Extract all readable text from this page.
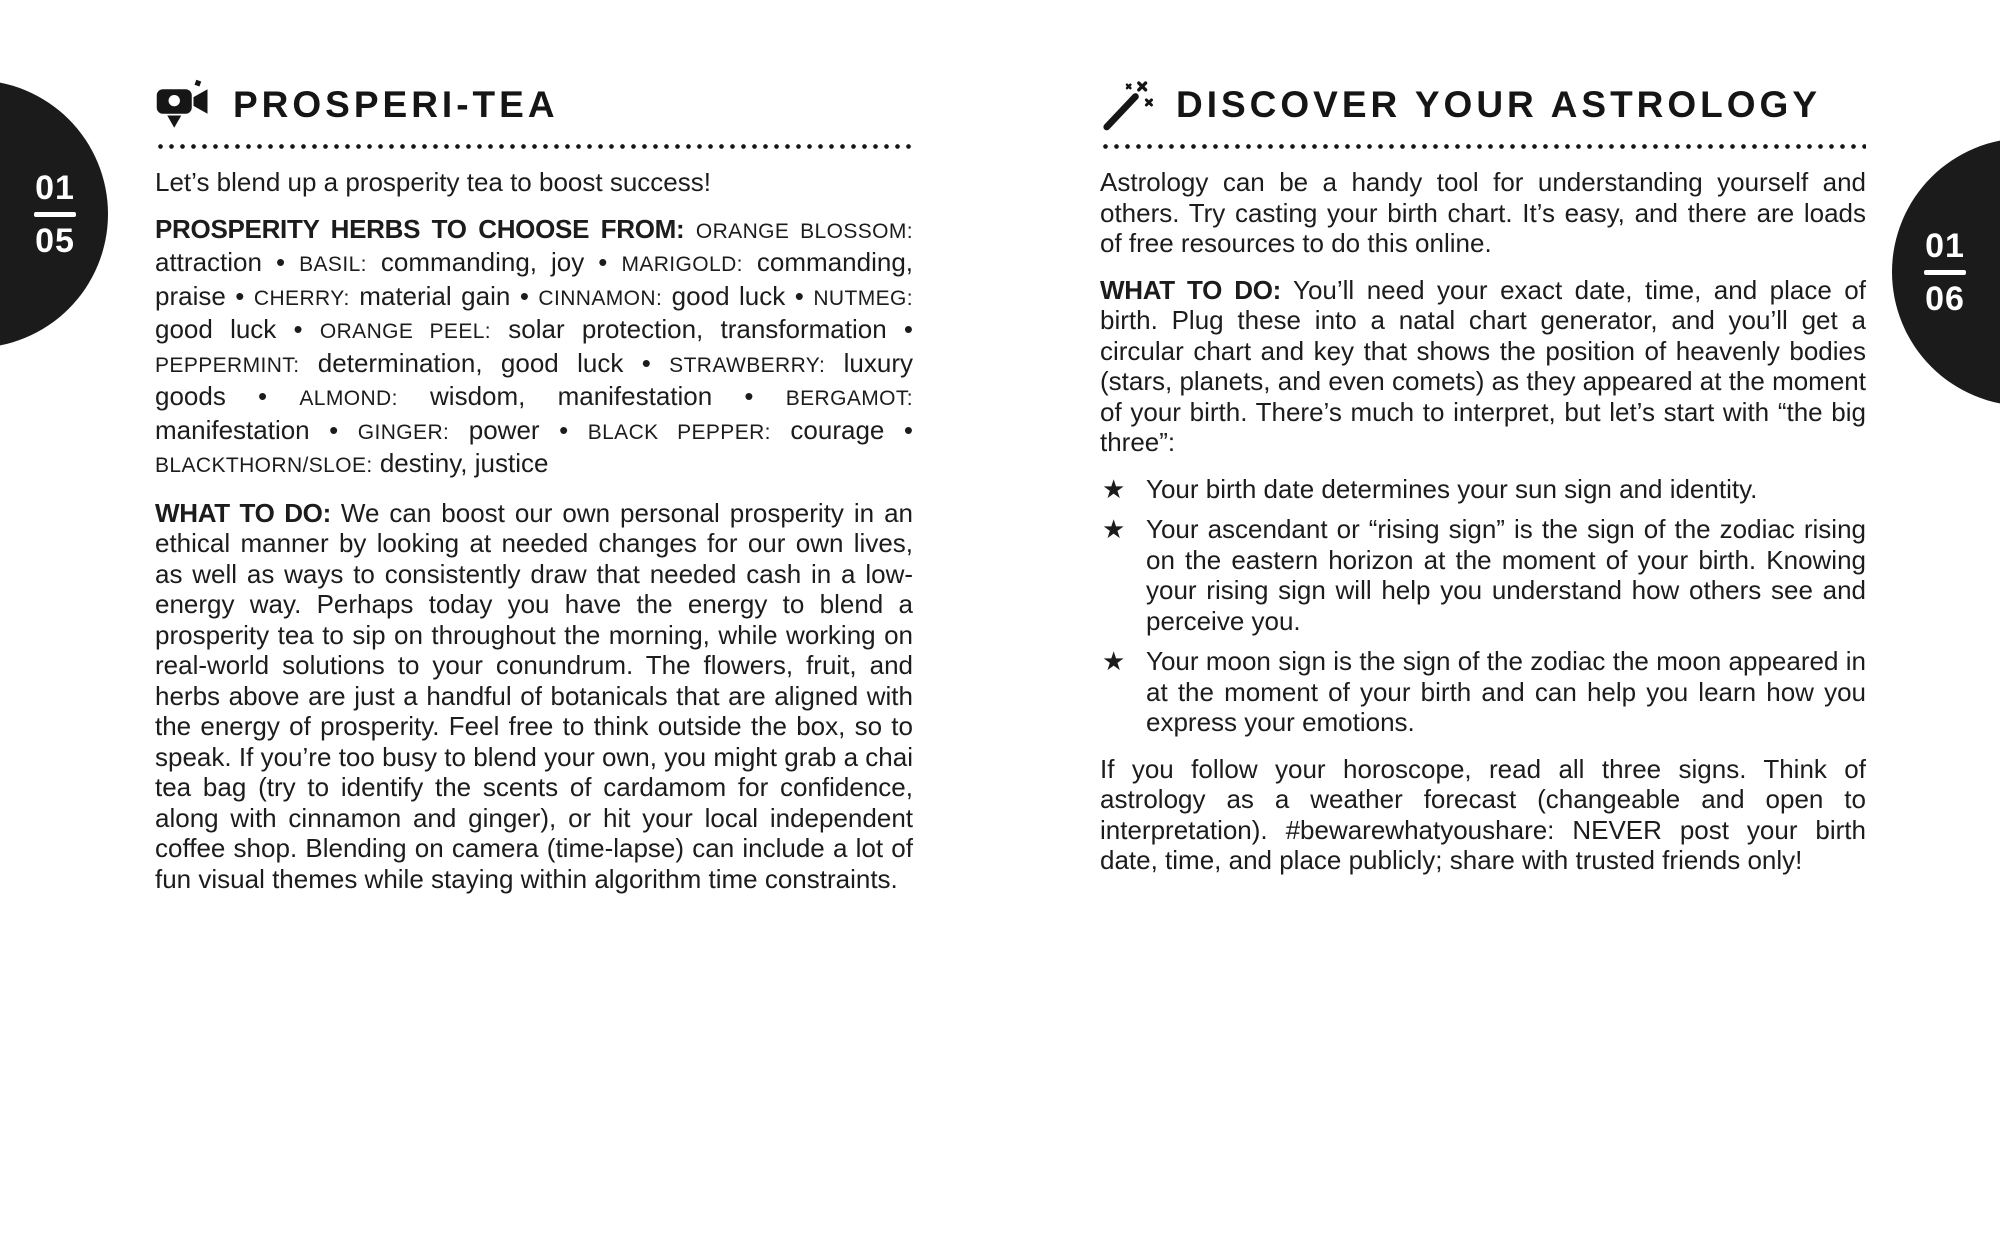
01
05	01
06
PROSPERI-TEA

Let’s blend up a prosperity tea to boost success!

PROSPERITY HERBS TO CHOOSE FROM: ORANGE BLOSSOM: attraction • BASIL: commanding, joy • MARIGOLD: commanding, praise • CHERRY: material gain • CINNAMON: good luck • NUTMEG: good luck • ORANGE PEEL: solar protection, transformation • PEPPERMINT: determination, good luck • STRAWBERRY: luxury goods • ALMOND: wisdom, manifestation • BERGAMOT: manifestation • GINGER: power • BLACK PEPPER: courage • BLACKTHORN/SLOE: destiny, justice

WHAT TO DO: We can boost our own personal prosperity in an ethical manner by looking at needed changes for our own lives, as well as ways to consistently draw that needed cash in a low-energy way. Perhaps today you have the energy to blend a prosperity tea to sip on throughout the morning, while working on real-world solutions to your conundrum. The flowers, fruit, and herbs above are just a handful of botanicals that are aligned with the energy of prosperity. Feel free to think outside the box, so to speak. If you’re too busy to blend your own, you might grab a chai tea bag (try to identify the scents of cardamom for confidence, along with cinnamon and ginger), or hit your local independent coffee shop. Blending on camera (time-lapse) can include a lot of fun visual themes while staying within algorithm time constraints.

DISCOVER YOUR ASTROLOGY

Astrology can be a handy tool for understanding yourself and others. Try casting your birth chart. It’s easy, and there are loads of free resources to do this online.

WHAT TO DO: You’ll need your exact date, time, and place of birth. Plug these into a natal chart generator, and you’ll get a circular chart and key that shows the position of heavenly bodies (stars, planets, and even comets) as they appeared at the moment of your birth. There’s much to interpret, but let’s start with “the big three”:

★ Your birth date determines your sun sign and identity.
★ Your ascendant or “rising sign” is the sign of the zodiac rising on the eastern horizon at the moment of your birth. Knowing your rising sign will help you understand how others see and perceive you.
★ Your moon sign is the sign of the zodiac the moon appeared in at the moment of your birth and can help you learn how you express your emotions.

If you follow your horoscope, read all three signs. Think of astrology as a weather forecast (changeable and open to interpretation). #bewarewhatyoushare: NEVER post your birth date, time, and place publicly; share with trusted friends only!
